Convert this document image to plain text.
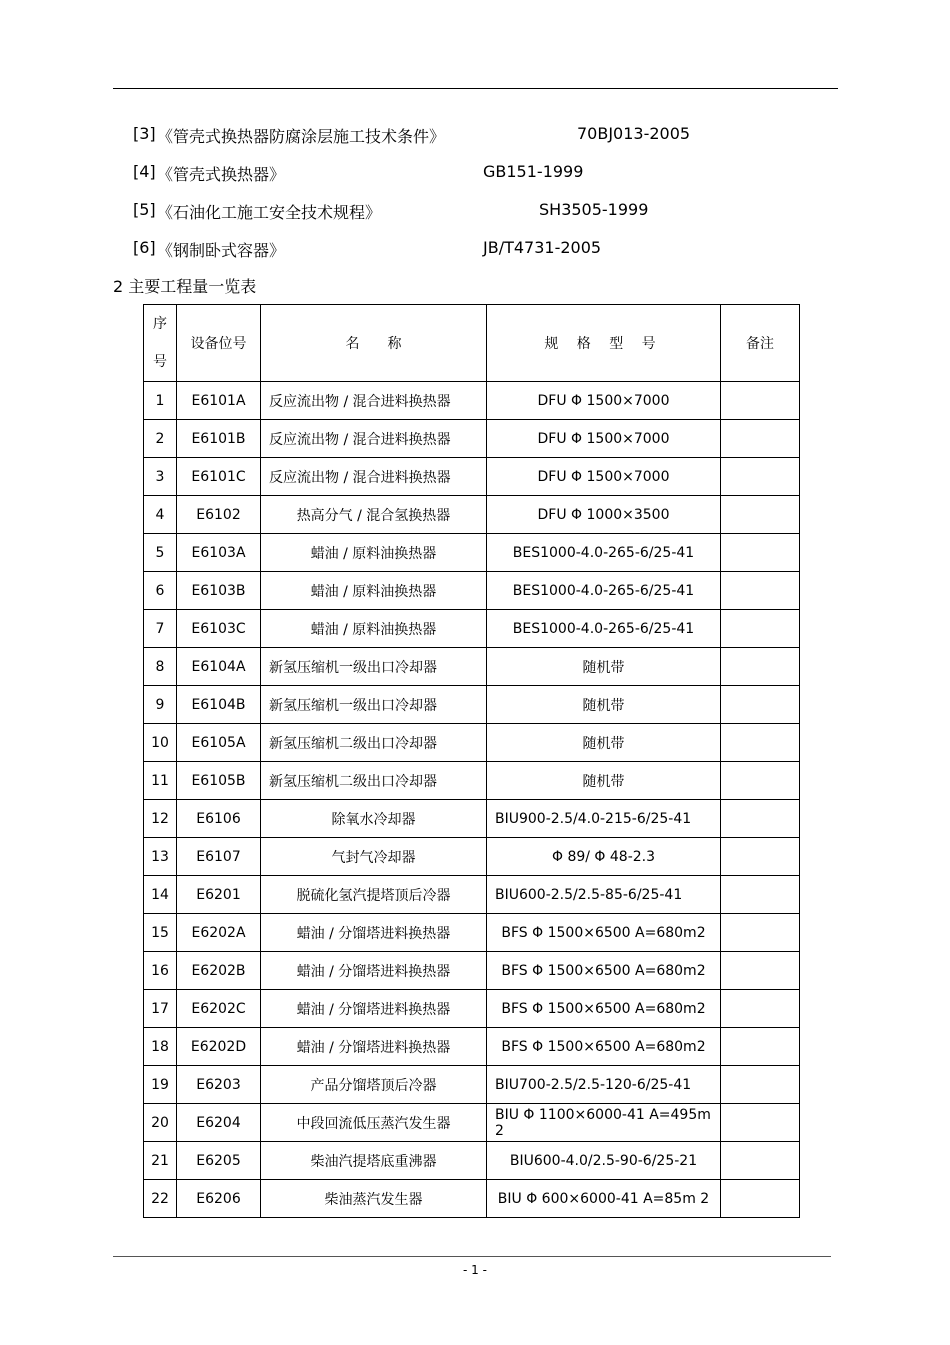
[3] 《管壳式换热器防腐涂层施工技术条件》	70BJ013-2005
[4] 《管壳式换热器》	GB151-1999
[5] 《石油化工施工安全技术规程》	SH3505-1999
[6] 《钢制卧式容器》	JB/T4731-2005
2 主要工程量一览表
序
号	设备位号	名　　称	规 格 型 号	备注
1	E6101A	反应流出物 / 混合进料换热器	DFU Φ 1500×7000	
2	E6101B	反应流出物 / 混合进料换热器	DFU Φ 1500×7000	
3	E6101C	反应流出物 / 混合进料换热器	DFU Φ 1500×7000	
4	E6102	热高分气 / 混合氢换热器	DFU Φ 1000×3500	
5	E6103A	蜡油 / 原料油换热器	BES1000-4.0-265-6/25-41	
6	E6103B	蜡油 / 原料油换热器	BES1000-4.0-265-6/25-41	
7	E6103C	蜡油 / 原料油换热器	BES1000-4.0-265-6/25-41	
8	E6104A	新氢压缩机一级出口冷却器	随机带	
9	E6104B	新氢压缩机一级出口冷却器	随机带	
10	E6105A	新氢压缩机二级出口冷却器	随机带	
11	E6105B	新氢压缩机二级出口冷却器	随机带	
12	E6106	除氧水冷却器	BIU900-2.5/4.0-215-6/25-41	
13	E6107	气封气冷却器	Φ 89/ Φ 48-2.3	
14	E6201	脱硫化氢汽提塔顶后冷器	BIU600-2.5/2.5-85-6/25-41	
15	E6202A	蜡油 / 分馏塔进料换热器	BFS Φ 1500×6500 A=680m2	
16	E6202B	蜡油 / 分馏塔进料换热器	BFS Φ 1500×6500 A=680m2	
17	E6202C	蜡油 / 分馏塔进料换热器	BFS Φ 1500×6500 A=680m2	
18	E6202D	蜡油 / 分馏塔进料换热器	BFS Φ 1500×6500 A=680m2	
19	E6203	产品分馏塔顶后冷器	BIU700-2.5/2.5-120-6/25-41	
20	E6204	中段回流低压蒸汽发生器	BIU Φ 1100×6000-41 A=495m 2	
21	E6205	柴油汽提塔底重沸器	BIU600-4.0/2.5-90-6/25-21	
22	E6206	柴油蒸汽发生器	BIU Φ 600×6000-41 A=85m 2	
- 1 -
